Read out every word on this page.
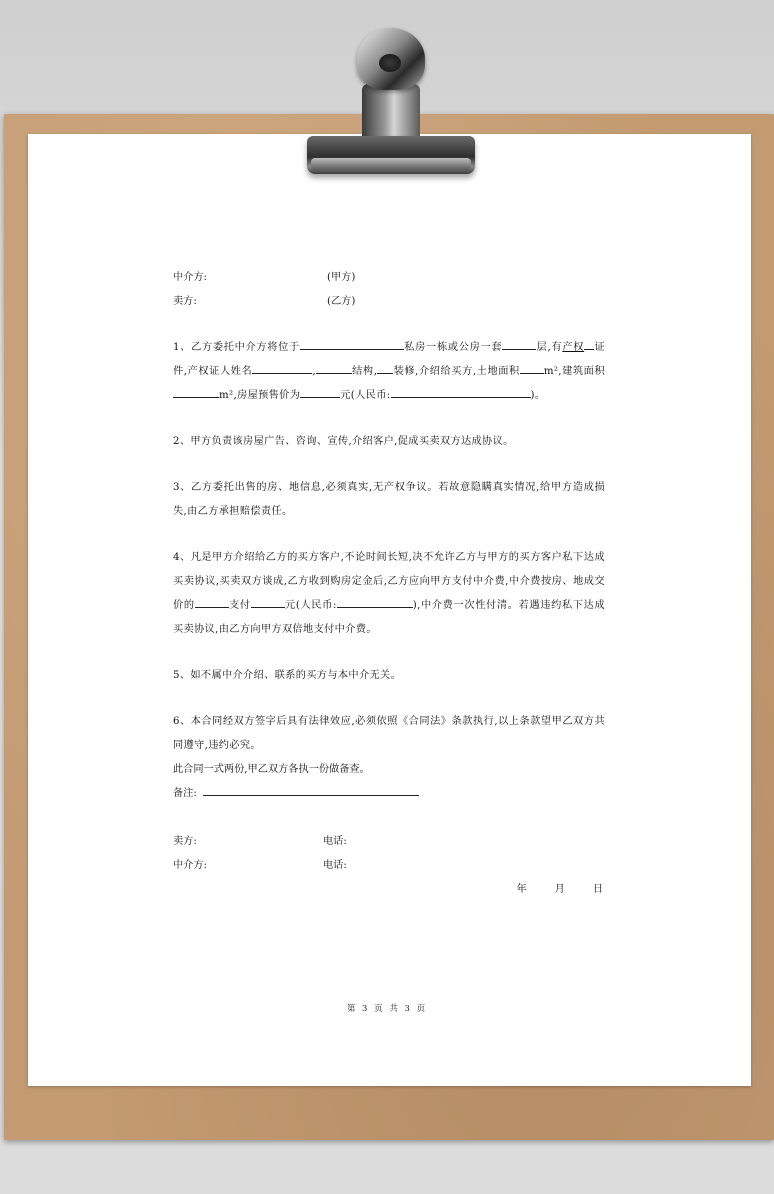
中介方:	(甲方)
卖方:	(乙方)
1、乙方委托中介方将位于	私房一栋或公房一套	层,有产权 证件,产权证人姓名	,	结构, 装修,介绍给买方,土地面积 m²,建筑面积m²,房屋预售价为	元(人民币:	)。
2、甲方负责该房屋广告、咨询、宣传,介绍客户,促成买卖双方达成协议。
3、乙方委托出售的房、地信息,必须真实,无产权争议。若故意隐瞒真实情况,给甲方造成损失,由乙方承担赔偿责任。
4、凡是甲方介绍给乙方的买方客户,不论时间长短,决不允许乙方与甲方的买方客户私下达成买卖协议,买卖双方谈成,乙方收到购房定金后,乙方应向甲方支付中介费,中介费按房、地成交价的	支付	元(人民币:	),中介费一次性付清。若遇违约私下达成买卖协议,由乙方向甲方双倍地支付中介费。
5、如不属中介介绍、联系的买方与本中介无关。
6、本合同经双方签字后具有法律效应,必须依照《合同法》条款执行,以上条款望甲乙双方共同遵守,违约必究。
此合同一式两份,甲乙双方各执一份做备查。
备注:
卖方:	电话:
中介方:	电话:
年	月	日
第 3 页 共 3 页
